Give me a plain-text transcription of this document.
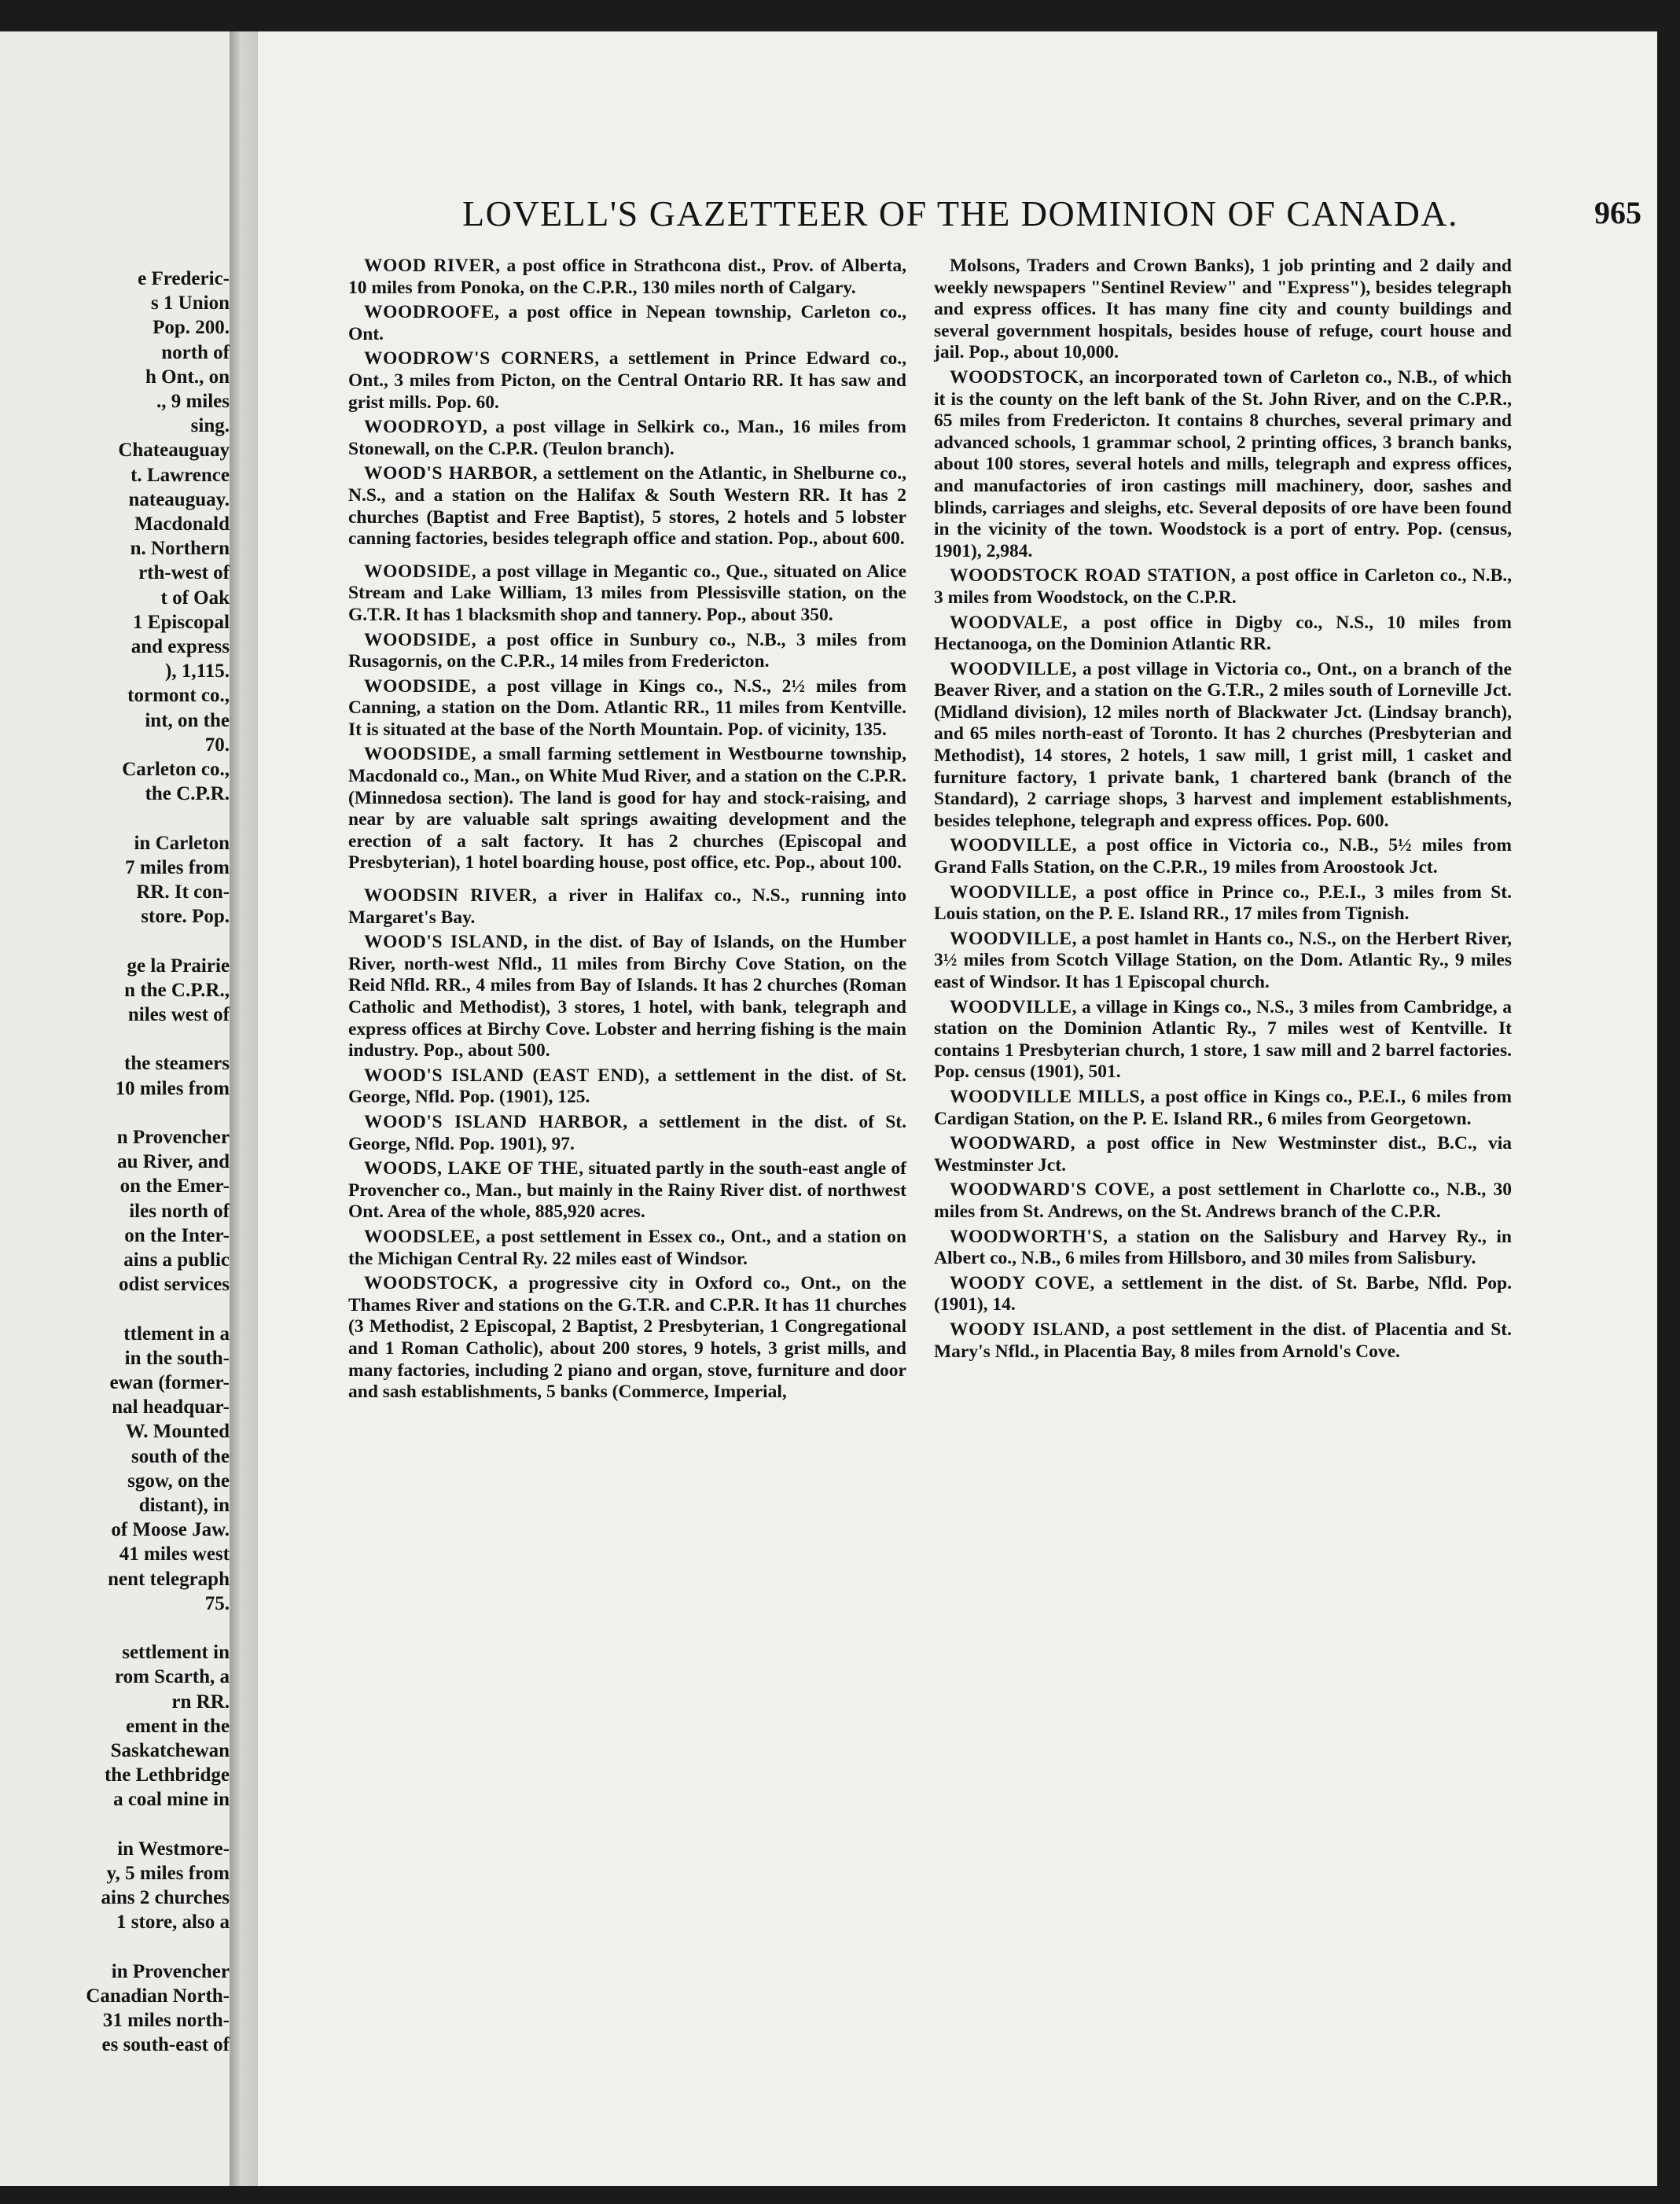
e Frederic-
s 1 Union
Pop. 200.
north of
h Ont., on
., 9 miles
sing.
Chateauguay
t. Lawrence
nateauguay.
Macdonald
n. Northern
rth-west of
t of Oak
1 Episcopal
and express
), 1,115.
tormont co.,
int, on the
70.
Carleton co.,
the C.P.R.
in Carleton
7 miles from
RR. It con-
store. Pop.
ge la Prairie
n the C.P.R.,
niles west of
the steamers
10 miles from
n Provencher
au River, and
on the Emer-
iles north of
on the Inter-
ains a public
odist services
ttlement in a
in the south-
ewan (former-
nal headquar-
W. Mounted
south of the
sgow, on the
distant), in
of Moose Jaw.
41 miles west
nent telegraph
75.
settlement in
rom Scarth, a
rn RR.
ement in the
Saskatchewan
the Lethbridge
a coal mine in
in Westmore-
y, 5 miles from
ains 2 churches
1 store, also a
in Provencher
Canadian North-
31 miles north-
es south-east of
LOVELL'S GAZETTEER OF THE DOMINION OF CANADA.	965

WOOD RIVER, a post office in Strathcona dist., Prov. of Alberta, 10 miles from Ponoka, on the C.P.R., 130 miles north of Calgary.

WOODROOFE, a post office in Nepean township, Carleton co., Ont.

WOODROW'S CORNERS, a settlement in Prince Edward co., Ont., 3 miles from Picton, on the Central Ontario RR. It has saw and grist mills. Pop. 60.

WOODROYD, a post village in Selkirk co., Man., 16 miles from Stonewall, on the C.P.R. (Teulon branch).

WOOD'S HARBOR, a settlement on the Atlantic, in Shelburne co., N.S., and a station on the Halifax & South Western RR. It has 2 churches (Baptist and Free Baptist), 5 stores, 2 hotels and 5 lobster canning factories, besides telegraph office and station. Pop., about 600.

WOODSIDE, a post village in Megantic co., Que., situated on Alice Stream and Lake William, 13 miles from Plessisville station, on the G.T.R. It has 1 blacksmith shop and tannery. Pop., about 350.

WOODSIDE, a post office in Sunbury co., N.B., 3 miles from Rusagornis, on the C.P.R., 14 miles from Fredericton.

WOODSIDE, a post village in Kings co., N.S., 2½ miles from Canning, a station on the Dom. Atlantic RR., 11 miles from Kentville. It is situated at the base of the North Mountain. Pop. of vicinity, 135.

WOODSIDE, a small farming settlement in Westbourne township, Macdonald co., Man., on White Mud River, and a station on the C.P.R. (Minnedosa section). The land is good for hay and stock-raising, and near by are valuable salt springs awaiting development and the erection of a salt factory. It has 2 churches (Episcopal and Presbyterian), 1 hotel boarding house, post office, etc. Pop., about 100.

WOODSIN RIVER, a river in Halifax co., N.S., running into Margaret's Bay.

WOOD'S ISLAND, in the dist. of Bay of Islands, on the Humber River, north-west Nfld., 11 miles from Birchy Cove Station, on the Reid Nfld. RR., 4 miles from Bay of Islands. It has 2 churches (Roman Catholic and Methodist), 3 stores, 1 hotel, with bank, telegraph and express offices at Birchy Cove. Lobster and herring fishing is the main industry. Pop., about 500.

WOOD'S ISLAND (EAST END), a settlement in the dist. of St. George, Nfld. Pop. (1901), 125.

WOOD'S ISLAND HARBOR, a settlement in the dist. of St. George, Nfld. Pop. 1901), 97.

WOODS, LAKE OF THE, situated partly in the south-east angle of Provencher co., Man., but mainly in the Rainy River dist. of northwest Ont. Area of the whole, 885,920 acres.

WOODSLEE, a post settlement in Essex co., Ont., and a station on the Michigan Central Ry. 22 miles east of Windsor.

WOODSTOCK, a progressive city in Oxford co., Ont., on the Thames River and stations on the G.T.R. and C.P.R. It has 11 churches (3 Methodist, 2 Episcopal, 2 Baptist, 2 Presbyterian, 1 Congregational and 1 Roman Catholic), about 200 stores, 9 hotels, 3 grist mills, and many factories, including 2 piano and organ, stove, furniture and door and sash establishments, 5 banks (Commerce, Imperial,

Molsons, Traders and Crown Banks), 1 job printing and 2 daily and weekly newspapers "Sentinel Review" and "Express"), besides telegraph and express offices. It has many fine city and county buildings and several government hospitals, besides house of refuge, court house and jail. Pop., about 10,000.

WOODSTOCK, an incorporated town of Carleton co., N.B., of which it is the county on the left bank of the St. John River, and on the C.P.R., 65 miles from Fredericton. It contains 8 churches, several primary and advanced schools, 1 grammar school, 2 printing offices, 3 branch banks, about 100 stores, several hotels and mills, telegraph and express offices, and manufactories of iron castings mill machinery, door, sashes and blinds, carriages and sleighs, etc. Several deposits of ore have been found in the vicinity of the town. Woodstock is a port of entry. Pop. (census, 1901), 2,984.

WOODSTOCK ROAD STATION, a post office in Carleton co., N.B., 3 miles from Woodstock, on the C.P.R.

WOODVALE, a post office in Digby co., N.S., 10 miles from Hectanooga, on the Dominion Atlantic RR.

WOODVILLE, a post village in Victoria co., Ont., on a branch of the Beaver River, and a station on the G.T.R., 2 miles south of Lorneville Jct. (Midland division), 12 miles north of Blackwater Jct. (Lindsay branch), and 65 miles north-east of Toronto. It has 2 churches (Presbyterian and Methodist), 14 stores, 2 hotels, 1 saw mill, 1 grist mill, 1 casket and furniture factory, 1 private bank, 1 chartered bank (branch of the Standard), 2 carriage shops, 3 harvest and implement establishments, besides telephone, telegraph and express offices. Pop. 600.

WOODVILLE, a post office in Victoria co., N.B., 5½ miles from Grand Falls Station, on the C.P.R., 19 miles from Aroostook Jct.

WOODVILLE, a post office in Prince co., P.E.I., 3 miles from St. Louis station, on the P. E. Island RR., 17 miles from Tignish.

WOODVILLE, a post hamlet in Hants co., N.S., on the Herbert River, 3½ miles from Scotch Village Station, on the Dom. Atlantic Ry., 9 miles east of Windsor. It has 1 Episcopal church.

WOODVILLE, a village in Kings co., N.S., 3 miles from Cambridge, a station on the Dominion Atlantic Ry., 7 miles west of Kentville. It contains 1 Presbyterian church, 1 store, 1 saw mill and 2 barrel factories. Pop. census (1901), 501.

WOODVILLE MILLS, a post office in Kings co., P.E.I., 6 miles from Cardigan Station, on the P. E. Island RR., 6 miles from Georgetown.

WOODWARD, a post office in New Westminster dist., B.C., via Westminster Jct.

WOODWARD'S COVE, a post settlement in Charlotte co., N.B., 30 miles from St. Andrews, on the St. Andrews branch of the C.P.R.

WOODWORTH'S, a station on the Salisbury and Harvey Ry., in Albert co., N.B., 6 miles from Hillsboro, and 30 miles from Salisbury.

WOODY COVE, a settlement in the dist. of St. Barbe, Nfld. Pop. (1901), 14.

WOODY ISLAND, a post settlement in the dist. of Placentia and St. Mary's Nfld., in Placentia Bay, 8 miles from Arnold's Cove.
